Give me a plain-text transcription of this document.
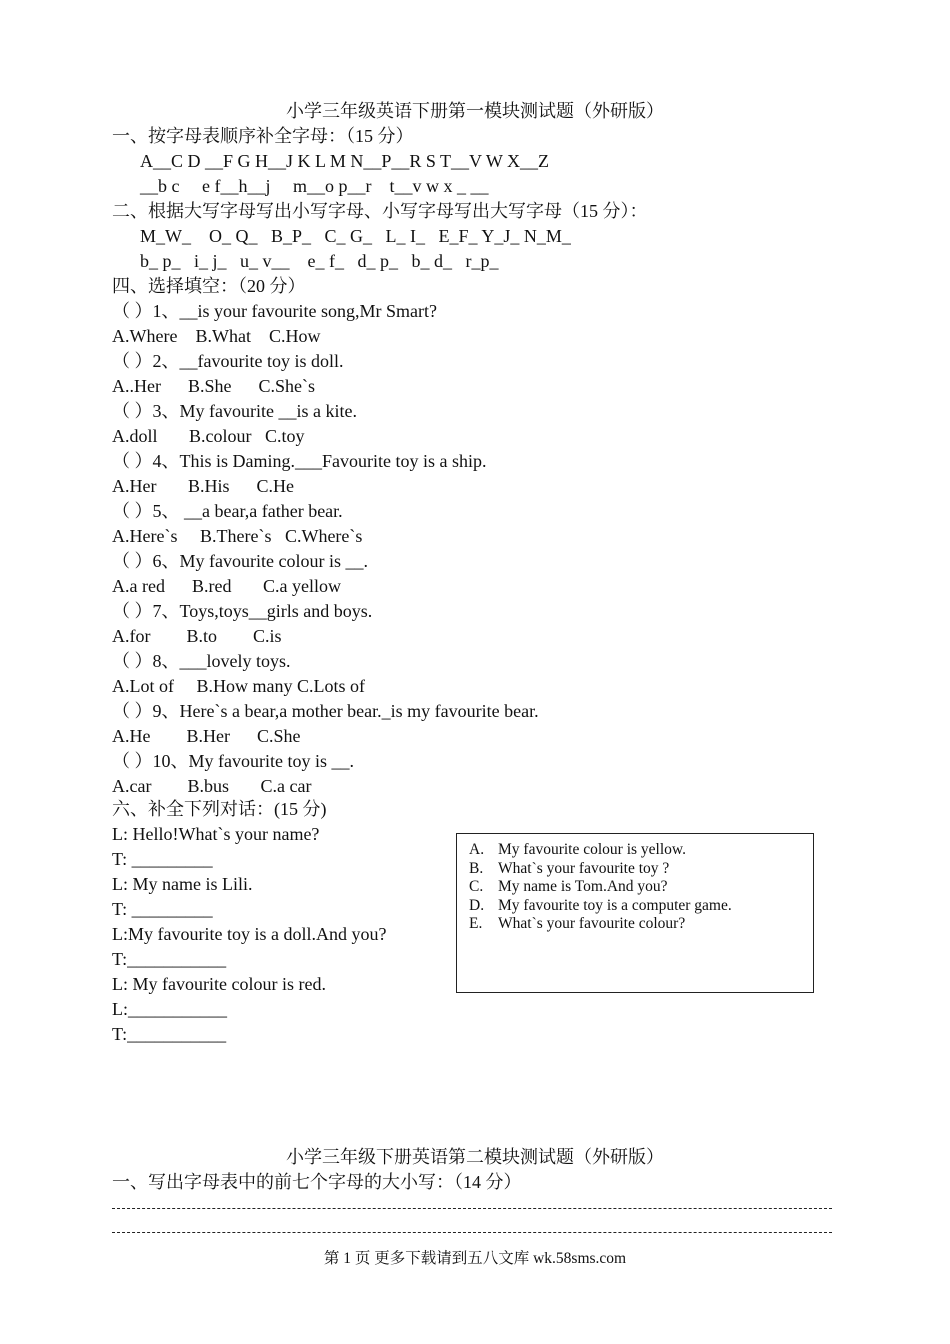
小学三年级英语下册第一模块测试题（外研版）
一、按字母表顺序补全字母：（15 分）
A__C D __F G H__J K L M N__P__R S T__V W X__Z
__b c     e f__h__j     m__o p__r    t__v w x _ __
二、根据大写字母写出小写字母、小写字母写出大写字母（15 分）：
M_W_    O_ Q_   B_P_   C_ G_   L_ I_   E_F_ Y_J_ N_M_
b_ p_   i_ j_   u_ v__    e_ f_   d_ p_   b_ d_   r_p_
四、选择填空：（20 分）
（ ）1、__is your favourite song,Mr Smart?
A.Where    B.What    C.How
（ ）2、__favourite toy is doll.
A..Her      B.She      C.She`s
（ ）3、My favourite __is a kite.
A.doll       B.colour   C.toy
（ ）4、This is Daming.___Favourite toy is a ship.
A.Her       B.His      C.He
（ ）5、 __a bear,a father bear.
A.Here`s     B.There`s   C.Where`s
（ ）6、My favourite colour is __.
A.a red      B.red       C.a yellow
（ ）7、Toys,toys__girls and boys.
A.for        B.to        C.is
（ ）8、___lovely toys.
A.Lot of     B.How many C.Lots of
（ ）9、Here`s a bear,a mother bear._is my favourite bear.
A.He        B.Her      C.She
（ ）10、My favourite toy is __.
A.car        B.bus       C.a car
六、补全下列对话：(15 分)
L: Hello!What`s your name?
T: _________
L: My name is Lili.
T: _________
L:My favourite toy is a doll.And you?
T:___________
L: My favourite colour is red.
L:___________
T:___________
A. My favourite colour is yellow.
B. What`s your favourite toy ?
C. My name is Tom.And you?
D. My favourite toy is a computer game.
E. What`s your favourite colour?
小学三年级下册英语第二模块测试题（外研版）
一、写出字母表中的前七个字母的大小写：（14 分）
第 1 页 更多下载请到五八文库 wk.58sms.com
